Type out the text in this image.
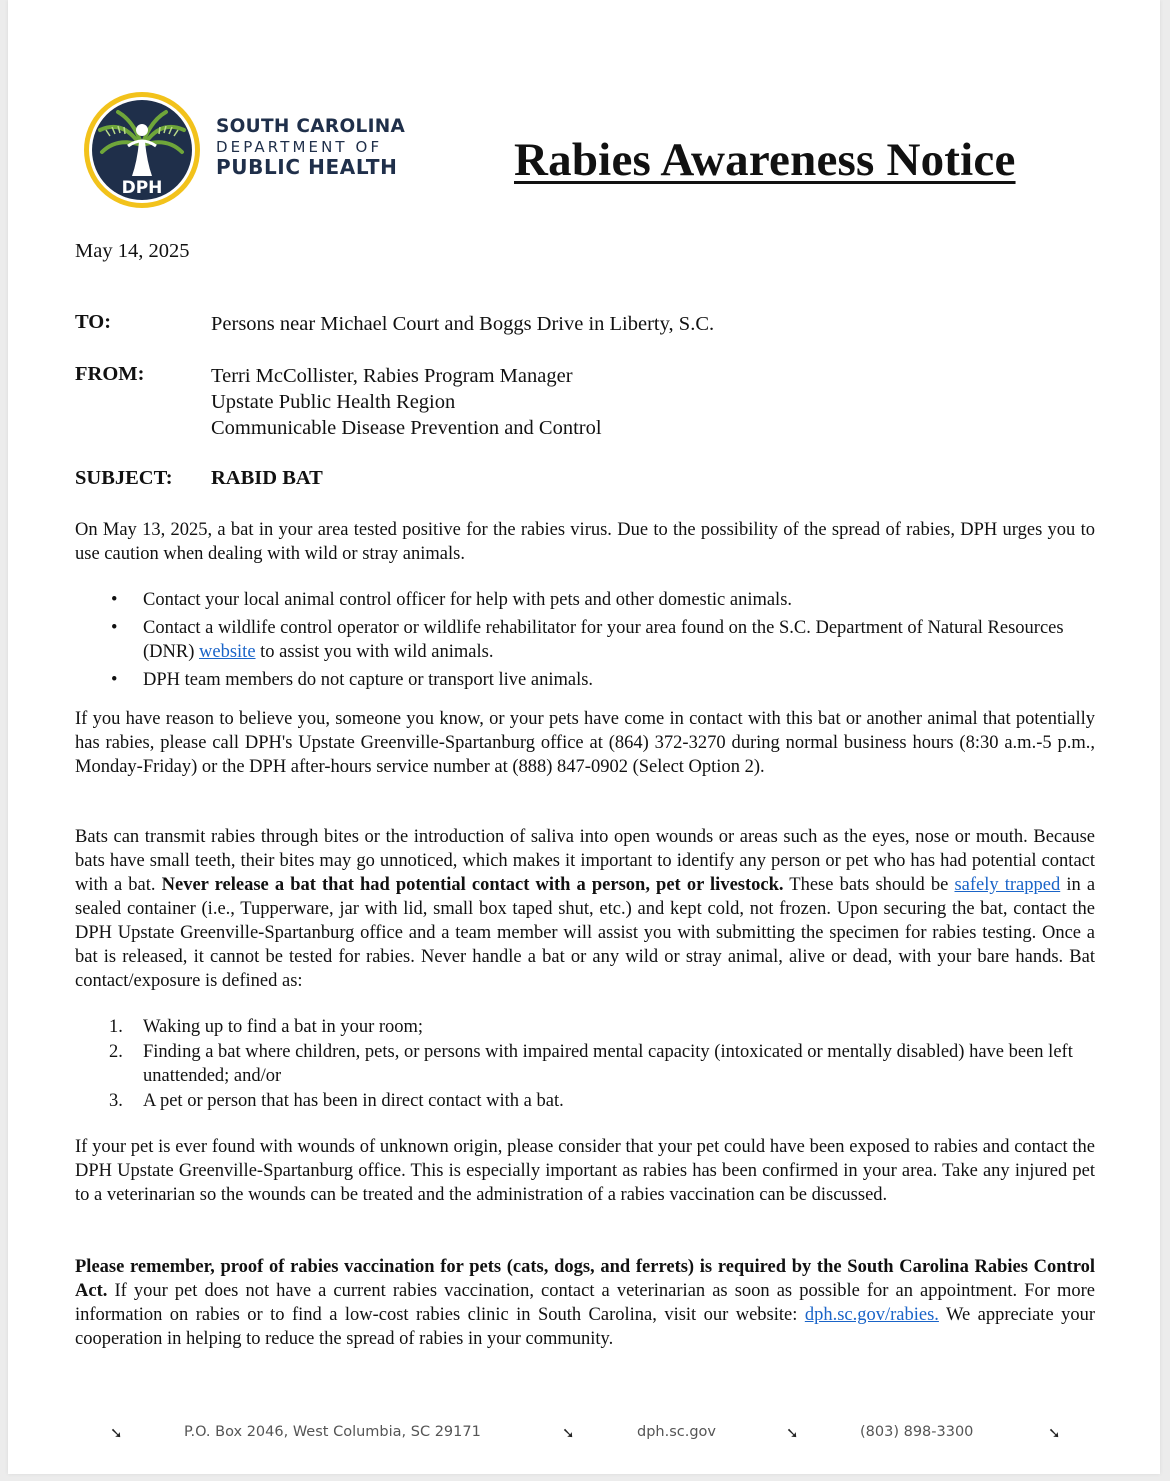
DPH
SOUTH CAROLINA
DEPARTMENT OF
PUBLIC HEALTH Rabies Awareness Notice
May 14, 2025
TO:	Persons near Michael Court and Boggs Drive in Liberty, S.C.
FROM:	Terri McCollister, Rabies Program Manager
Upstate Public Health Region
Communicable Disease Prevention and Control
SUBJECT: RABID BAT
On May 13, 2025, a bat in your area tested positive for the rabies virus. Due to the possibility of the spread of rabies, DPH urges you to use caution when dealing with wild or stray animals.
• Contact your local animal control officer for help with pets and other domestic animals.
• Contact a wildlife control operator or wildlife rehabilitator for your area found on the S.C. Department of Natural Resources (DNR) website to assist you with wild animals.
• DPH team members do not capture or transport live animals.
If you have reason to believe you, someone you know, or your pets have come in contact with this bat or another animal that potentially has rabies, please call DPH's Upstate Greenville-Spartanburg office at (864) 372-3270 during normal business hours (8:30 a.m.-5 p.m., Monday-Friday) or the DPH after-hours service number at (888) 847-0902 (Select Option 2).
Bats can transmit rabies through bites or the introduction of saliva into open wounds or areas such as the eyes, nose or mouth. Because bats have small teeth, their bites may go unnoticed, which makes it important to identify any person or pet who has had potential contact with a bat. Never release a bat that had potential contact with a person, pet or livestock. These bats should be safely trapped in a sealed container (i.e., Tupperware, jar with lid, small box taped shut, etc.) and kept cold, not frozen. Upon securing the bat, contact the DPH Upstate Greenville-Spartanburg office and a team member will assist you with submitting the specimen for rabies testing. Once a bat is released, it cannot be tested for rabies. Never handle a bat or any wild or stray animal, alive or dead, with your bare hands. Bat contact/exposure is defined as:
1. Waking up to find a bat in your room;
2. Finding a bat where children, pets, or persons with impaired mental capacity (intoxicated or mentally disabled) have been left unattended; and/or
3. A pet or person that has been in direct contact with a bat.
If your pet is ever found with wounds of unknown origin, please consider that your pet could have been exposed to rabies and contact the DPH Upstate Greenville-Spartanburg office. This is especially important as rabies has been confirmed in your area. Take any injured pet to a veterinarian so the wounds can be treated and the administration of a rabies vaccination can be discussed.
Please remember, proof of rabies vaccination for pets (cats, dogs, and ferrets) is required by the South Carolina Rabies Control Act. If your pet does not have a current rabies vaccination, contact a veterinarian as soon as possible for an appointment. For more information on rabies or to find a low-cost rabies clinic in South Carolina, visit our website: dph.sc.gov/rabies. We appreciate your cooperation in helping to reduce the spread of rabies in your community.
➘	P.O. Box 2046, West Columbia, SC 29171	➘	dph.sc.gov	➘	(803) 898-3300	➘
